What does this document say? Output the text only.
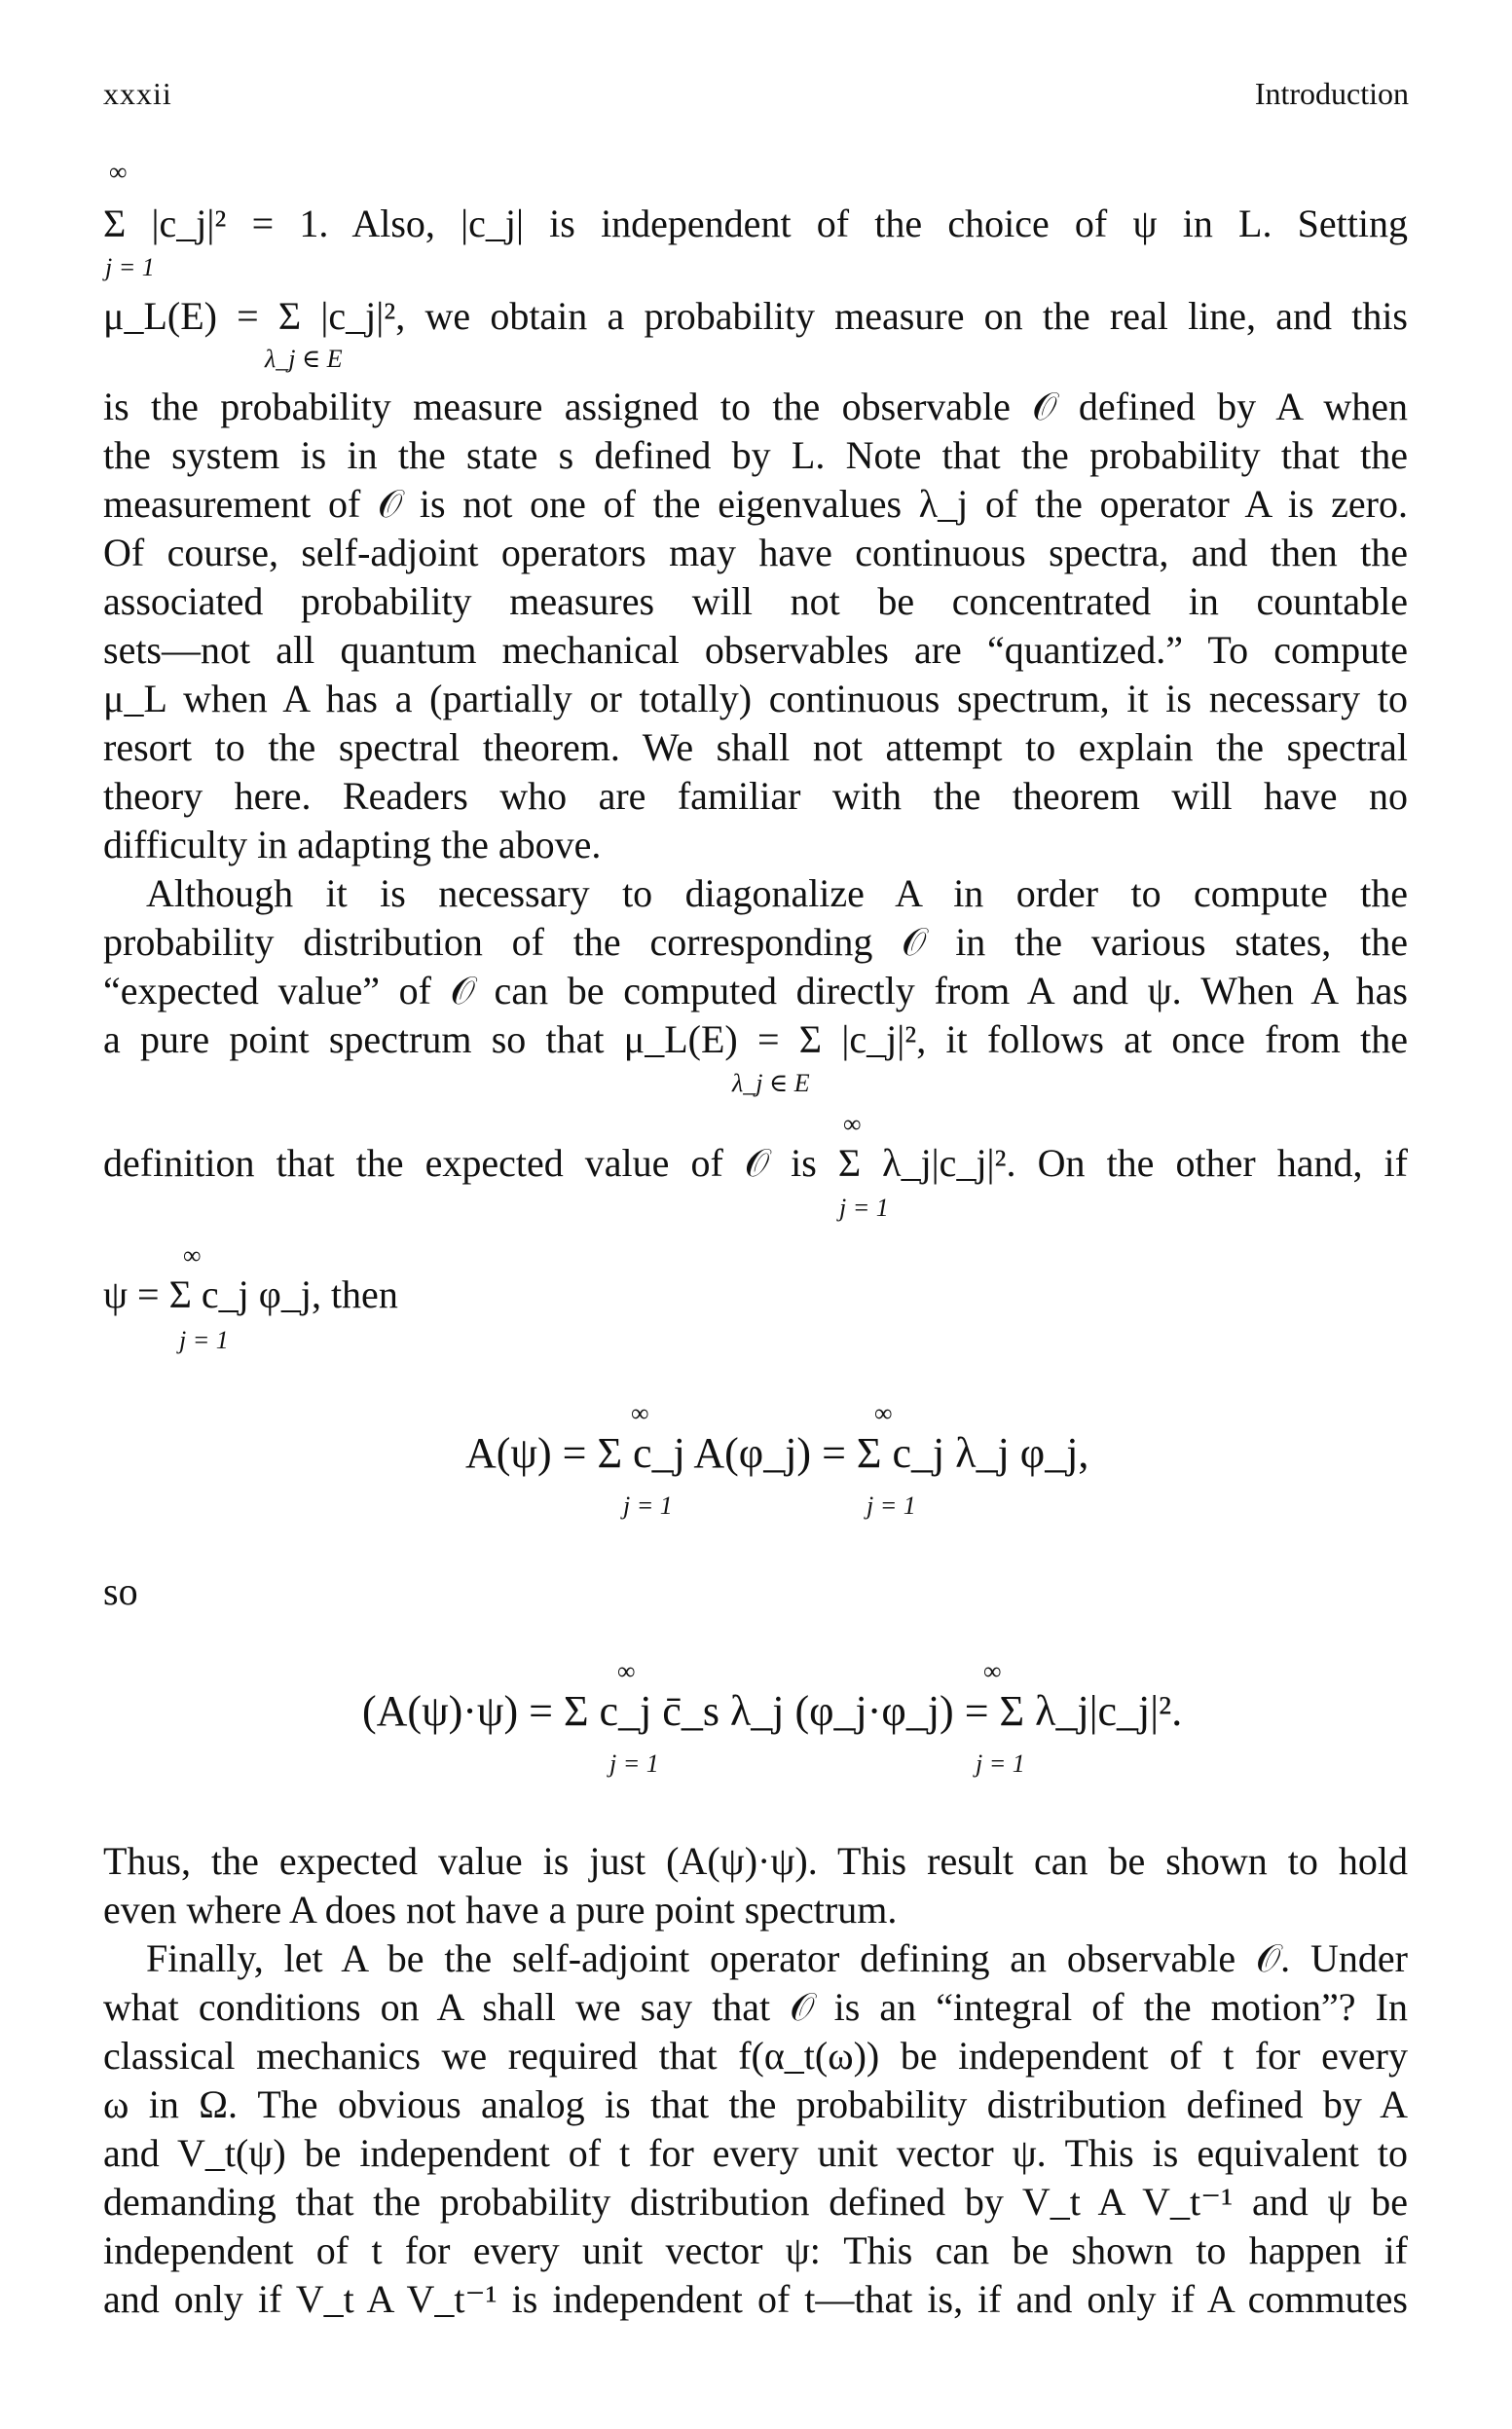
xxxii	Introduction
∞
Σ |c_j|² = 1. Also, |c_j| is independent of the choice of ψ in L. Setting
j = 1
μ_L(E) = Σ |c_j|², we obtain a probability measure on the real line, and this
λ_j ∈ E
is the probability measure assigned to the observable 𝒪 defined by A when
the system is in the state s defined by L. Note that the probability that the
measurement of 𝒪 is not one of the eigenvalues λ_j of the operator A is zero.
Of course, self-adjoint operators may have continuous spectra, and then the
associated probability measures will not be concentrated in countable
sets—not all quantum mechanical observables are “quantized.” To compute
μ_L when A has a (partially or totally) continuous spectrum, it is necessary to
resort to the spectral theorem. We shall not attempt to explain the spectral
theory here. Readers who are familiar with the theorem will have no
difficulty in adapting the above.
Although it is necessary to diagonalize A in order to compute the
probability distribution of the corresponding 𝒪 in the various states, the
“expected value” of 𝒪 can be computed directly from A and ψ. When A has
a pure point spectrum so that μ_L(E) = Σ |c_j|², it follows at once from the
λ_j ∈ E
∞
definition that the expected value of 𝒪 is Σ λ_j|c_j|². On the other hand, if
j = 1
∞
ψ = Σ c_j φ_j, then
j = 1
∞	∞
A(ψ) = Σ c_j A(φ_j) = Σ c_j λ_j φ_j,
j = 1	j = 1
so
∞	∞
(A(ψ)·ψ) = Σ c_j c̄_s λ_j (φ_j·φ_j) = Σ λ_j|c_j|².
j = 1	j = 1
Thus, the expected value is just (A(ψ)·ψ). This result can be shown to hold
even where A does not have a pure point spectrum.
Finally, let A be the self-adjoint operator defining an observable 𝒪. Under
what conditions on A shall we say that 𝒪 is an “integral of the motion”? In
classical mechanics we required that f(α_t(ω)) be independent of t for every
ω in Ω. The obvious analog is that the probability distribution defined by A
and V_t(ψ) be independent of t for every unit vector ψ. This is equivalent to
demanding that the probability distribution defined by V_t A V_t⁻¹ and ψ be
independent of t for every unit vector ψ: This can be shown to happen if
and only if V_t A V_t⁻¹ is independent of t—that is, if and only if A commutes
